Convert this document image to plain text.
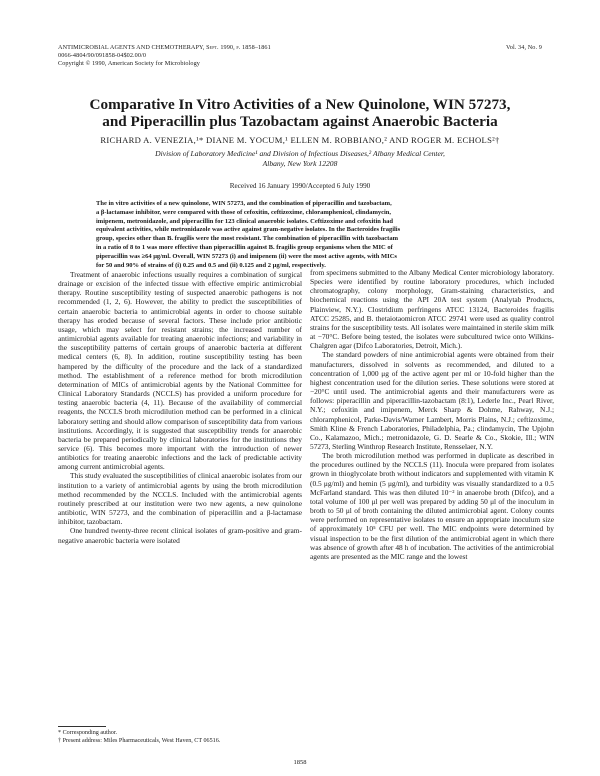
ANTIMICROBIAL AGENTS AND CHEMOTHERAPY, Sept. 1990, p. 1858–1861
0066-4804/90/091858-04$02.00/0
Copyright © 1990, American Society for Microbiology
Vol. 34, No. 9
Comparative In Vitro Activities of a New Quinolone, WIN 57273,
and Piperacillin plus Tazobactam against Anaerobic Bacteria
RICHARD A. VENEZIA,¹* DIANE M. YOCUM,¹ ELLEN M. ROBBIANO,² AND ROGER M. ECHOLS²†
Division of Laboratory Medicine¹ and Division of Infectious Diseases,² Albany Medical Center,
Albany, New York 12208
Received 16 January 1990/Accepted 6 July 1990
The in vitro activities of a new quinolone, WIN 57273, and the combination of piperacillin and tazobactam,
a β-lactamase inhibitor, were compared with those of cefoxitin, ceftizoxime, chloramphenicol, clindamycin,
imipenem, metronidazole, and piperacillin for 123 clinical anaerobic isolates. Ceftizoxime and cefoxitin had
equivalent activities, while metronidazole was active against gram-negative isolates. In the Bacteroides fragilis
group, species other than B. fragilis were the most resistant. The combination of piperacillin with tazobactam
in a ratio of 8 to 1 was more effective than piperacillin against B. fragilis group organisms when the MIC of
piperacillin was ≥64 μg/ml. Overall, WIN 57273 (i) and imipenem (ii) were the most active agents, with MICs
for 50 and 90% of strains of (i) 0.25 and 0.5 and (ii) 0.125 and 2 μg/ml, respectively.

Treatment of anaerobic infections usually requires a combination of surgical drainage or excision of the infected tissue with effective empiric antimicrobial therapy. Routine susceptibility testing of suspected anaerobic pathogens is not recommended (1, 2, 6). However, the ability to predict the susceptibilities of certain anaerobic bacteria to antimicrobial agents in order to choose suitable therapy has eroded because of several factors. These include prior antibiotic usage, which may select for resistant strains; the increased number of antimicrobial agents available for treating anaerobic infections; and variability in the susceptibility patterns of certain groups of anaerobic bacteria at different medical centers (6, 8). In addition, routine susceptibility testing has been hampered by the difficulty of the procedure and the lack of a standardized method. The establishment of a reference method for broth microdilution determination of MICs of antimicrobial agents by the National Committee for Clinical Laboratory Standards (NCCLS) has provided a uniform procedure for testing anaerobic bacteria (4, 11). Because of the availability of commercial reagents, the NCCLS broth microdilution method can be performed in a clinical laboratory setting and should allow comparison of susceptibility data from various institutions. Accordingly, it is suggested that susceptibility trends for anaerobic bacteria be prepared periodically by clinical laboratories for the institutions they service (6). This becomes more important with the introduction of newer antibiotics for treating anaerobic infections and the lack of predictable activity among current antimicrobial agents.

This study evaluated the susceptibilities of clinical anaerobic isolates from our institution to a variety of antimicrobial agents by using the broth microdilution method recommended by the NCCLS. Included with the antimicrobial agents routinely prescribed at our institution were two new agents, a new quinolone antibiotic, WIN 57273, and the combination of piperacillin and a β-lactamase inhibitor, tazobactam.

One hundred twenty-three recent clinical isolates of gram-positive and gram-negative anaerobic bacteria were isolated

from specimens submitted to the Albany Medical Center microbiology laboratory. Species were identified by routine laboratory procedures, which included chromatography, colony morphology, Gram-staining characteristics, and biochemical reactions using the API 20A test system (Analytab Products, Plainview, N.Y.). Clostridium perfringens ATCC 13124, Bacteroides fragilis ATCC 25285, and B. thetaiotaomicron ATCC 29741 were used as quality control strains for the susceptibility tests. All isolates were maintained in sterile skim milk at −70°C. Before being tested, the isolates were subcultured twice onto Wilkins-Chalgren agar (Difco Laboratories, Detroit, Mich.).

The standard powders of nine antimicrobial agents were obtained from their manufacturers, dissolved in solvents as recommended, and diluted to a concentration of 1,000 μg of the active agent per ml or 10-fold higher than the highest concentration used for the dilution series. These solutions were stored at −20°C until used. The antimicrobial agents and their manufacturers were as follows: piperacillin and piperacillin-tazobactam (8:1), Lederle Inc., Pearl River, N.Y.; cefoxitin and imipenem, Merck Sharp & Dohme, Rahway, N.J.; chloramphenicol, Parke-Davis/Warner Lambert, Morris Plains, N.J.; ceftizoxime, Smith Kline & French Laboratories, Philadelphia, Pa.; clindamycin, The Upjohn Co., Kalamazoo, Mich.; metronidazole, G. D. Searle & Co., Skokie, Ill.; WIN 57273, Sterling Winthrop Research Institute, Rensselaer, N.Y.

The broth microdilution method was performed in duplicate as described in the procedures outlined by the NCCLS (11). Inocula were prepared from isolates grown in thioglycolate broth without indicators and supplemented with vitamin K (0.5 μg/ml) and hemin (5 μg/ml), and turbidity was visually standardized to a 0.5 McFarland standard. This was then diluted 10⁻² in anaerobe broth (Difco), and a total volume of 100 μl per well was prepared by adding 50 μl of the inoculum in broth to 50 μl of broth containing the diluted antimicrobial agent. Colony counts were performed on representative isolates to ensure an appropriate inoculum size of approximately 10⁵ CFU per well. The MIC endpoints were determined by visual inspection to be the first dilution of the antimicrobial agent in which there was absence of growth after 48 h of incubation. The activities of the antimicrobial agents are presented as the MIC range and the lowest

* Corresponding author.
† Present address: Miles Pharmaceuticals, West Haven, CT 06516.
1858
